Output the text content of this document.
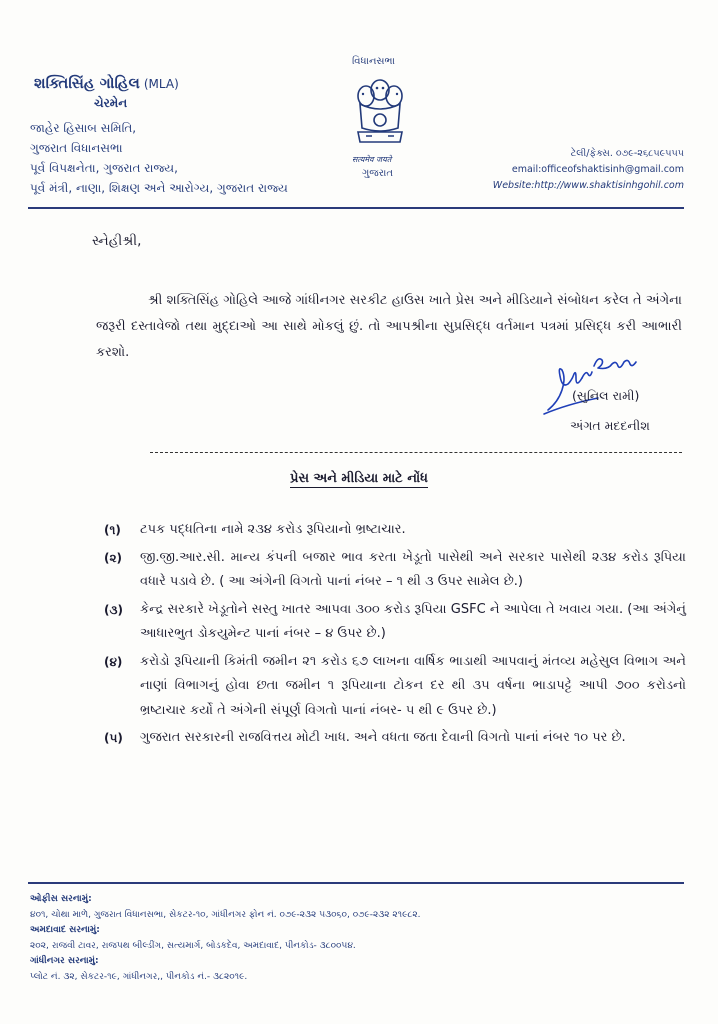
શક્તિસિંહ ગોહિલ (MLA)
ચેરમેન
જાહેર હિસાબ સમિતિ,
ગુજરાત વિધાનસભા
પૂર્વ વિપક્ષનેતા, ગુજરાત રાજ્ય,
પૂર્વ મંત્રી, નાણા, શિક્ષણ અને આરોગ્ય, ગુજરાત રાજ્ય
વિધાનસભા
सत्यमेव जयते
ગુજરાત
ટેલી/ફેક્સ. ૦૭૯-૨૬૮૫૯૫૫૫
email:officeofshaktisinh@gmail.com
Website:http://www.shaktisinhgohil.com
સ્નેહીશ્રી,
શ્રી શક્તિસિંહ ગોહિલે આજે ગાંધીનગર સરકીટ હાઉસ ખાતે પ્રેસ અને મીડિયાને સંબોધન કરેલ તે અંગેના જરૂરી દસ્તાવેજો તથા મુદ્દાઓ આ સાથે મોકલું છું. તો આપશ્રીના સુપ્રસિદ્ધ વર્તમાન પત્રમાં પ્રસિદ્ધ કરી આભારી કરશો.
(સુનિલ રામી)
અંગત મદદનીશ
પ્રેસ અને મીડિયા માટે નોંધ
(૧) ટપક પદ્ધતિના નામે ૨૩૪ કરોડ રૂપિયાનો ભ્રષ્ટાચાર.
(૨) જી.જી.આર.સી. માન્ય કંપની બજાર ભાવ કરતા ખેડૂતો પાસેથી અને સરકાર પાસેથી ૨૩૪ કરોડ રૂપિયા વધારે પડાવે છે. ( આ અંગેની વિગતો પાનાં નંબર – ૧ થી ૩ ઉપર સામેલ છે.)
(૩) કેન્દ્ર સરકારે ખેડૂતોને સસ્તુ ખાતર આપવા ૩૦૦ કરોડ રૂપિયા GSFC ને આપેલા તે ખવાય ગયા. (આ અંગેનું આધારભુત ડોકયુમેન્ટ પાનાં નંબર – ૪ ઉપર છે.)
(૪) કરોડો રૂપિયાની કિમંતી જમીન ૨૧ કરોડ ૬૭ લાખના વાર્ષિક ભાડાથી આપવાનું મંતવ્ય મહેસુલ વિભાગ અને નાણાં વિભાગનું હોવા છતા જમીન ૧ રૂપિયાના ટોકન દર થી ૩૫ વર્ષના ભાડાપટ્ટે આપી ૭૦૦ કરોડનો ભ્રષ્ટાચાર કર્યો તે અંગેની સંપૂર્ણ વિગતો પાનાં નંબર- ૫ થી ૯ ઉપર છે.)
(૫) ગુજરાત સરકારની રાજવિત્તય મોટી ખાધ. અને વધતા જતા દેવાની વિગતો પાનાં નંબર ૧૦ પર છે.
ઓફીસ સરનામું:
૪૦૧, ચોથા માળે, ગુજરાત વિધાનસભા, સેકટર-૧૦, ગાંધીનગર ફોન નં. ૦૭૯-૨૩૨ ૫૩૦૬૦, ૦૭૯-૨૩૨ ૨૧૯૮૨.
અમદાવાદ સરનામું:
૨૦૨, રાજવી ટાવર, રાજપથ બીલ્ડીંગ, સત્યમાર્ગ, બોડકદેવ, અમદાવાદ, પીનકોડ- ૩૮૦૦૫૪.
ગાંધીનગર સરનામું:
પ્લોટ નં. ૩૨, સેકટર-૧૯, ગાંધીનગર,, પીનકોડ નં.- ૩૮૨૦૧૯.
